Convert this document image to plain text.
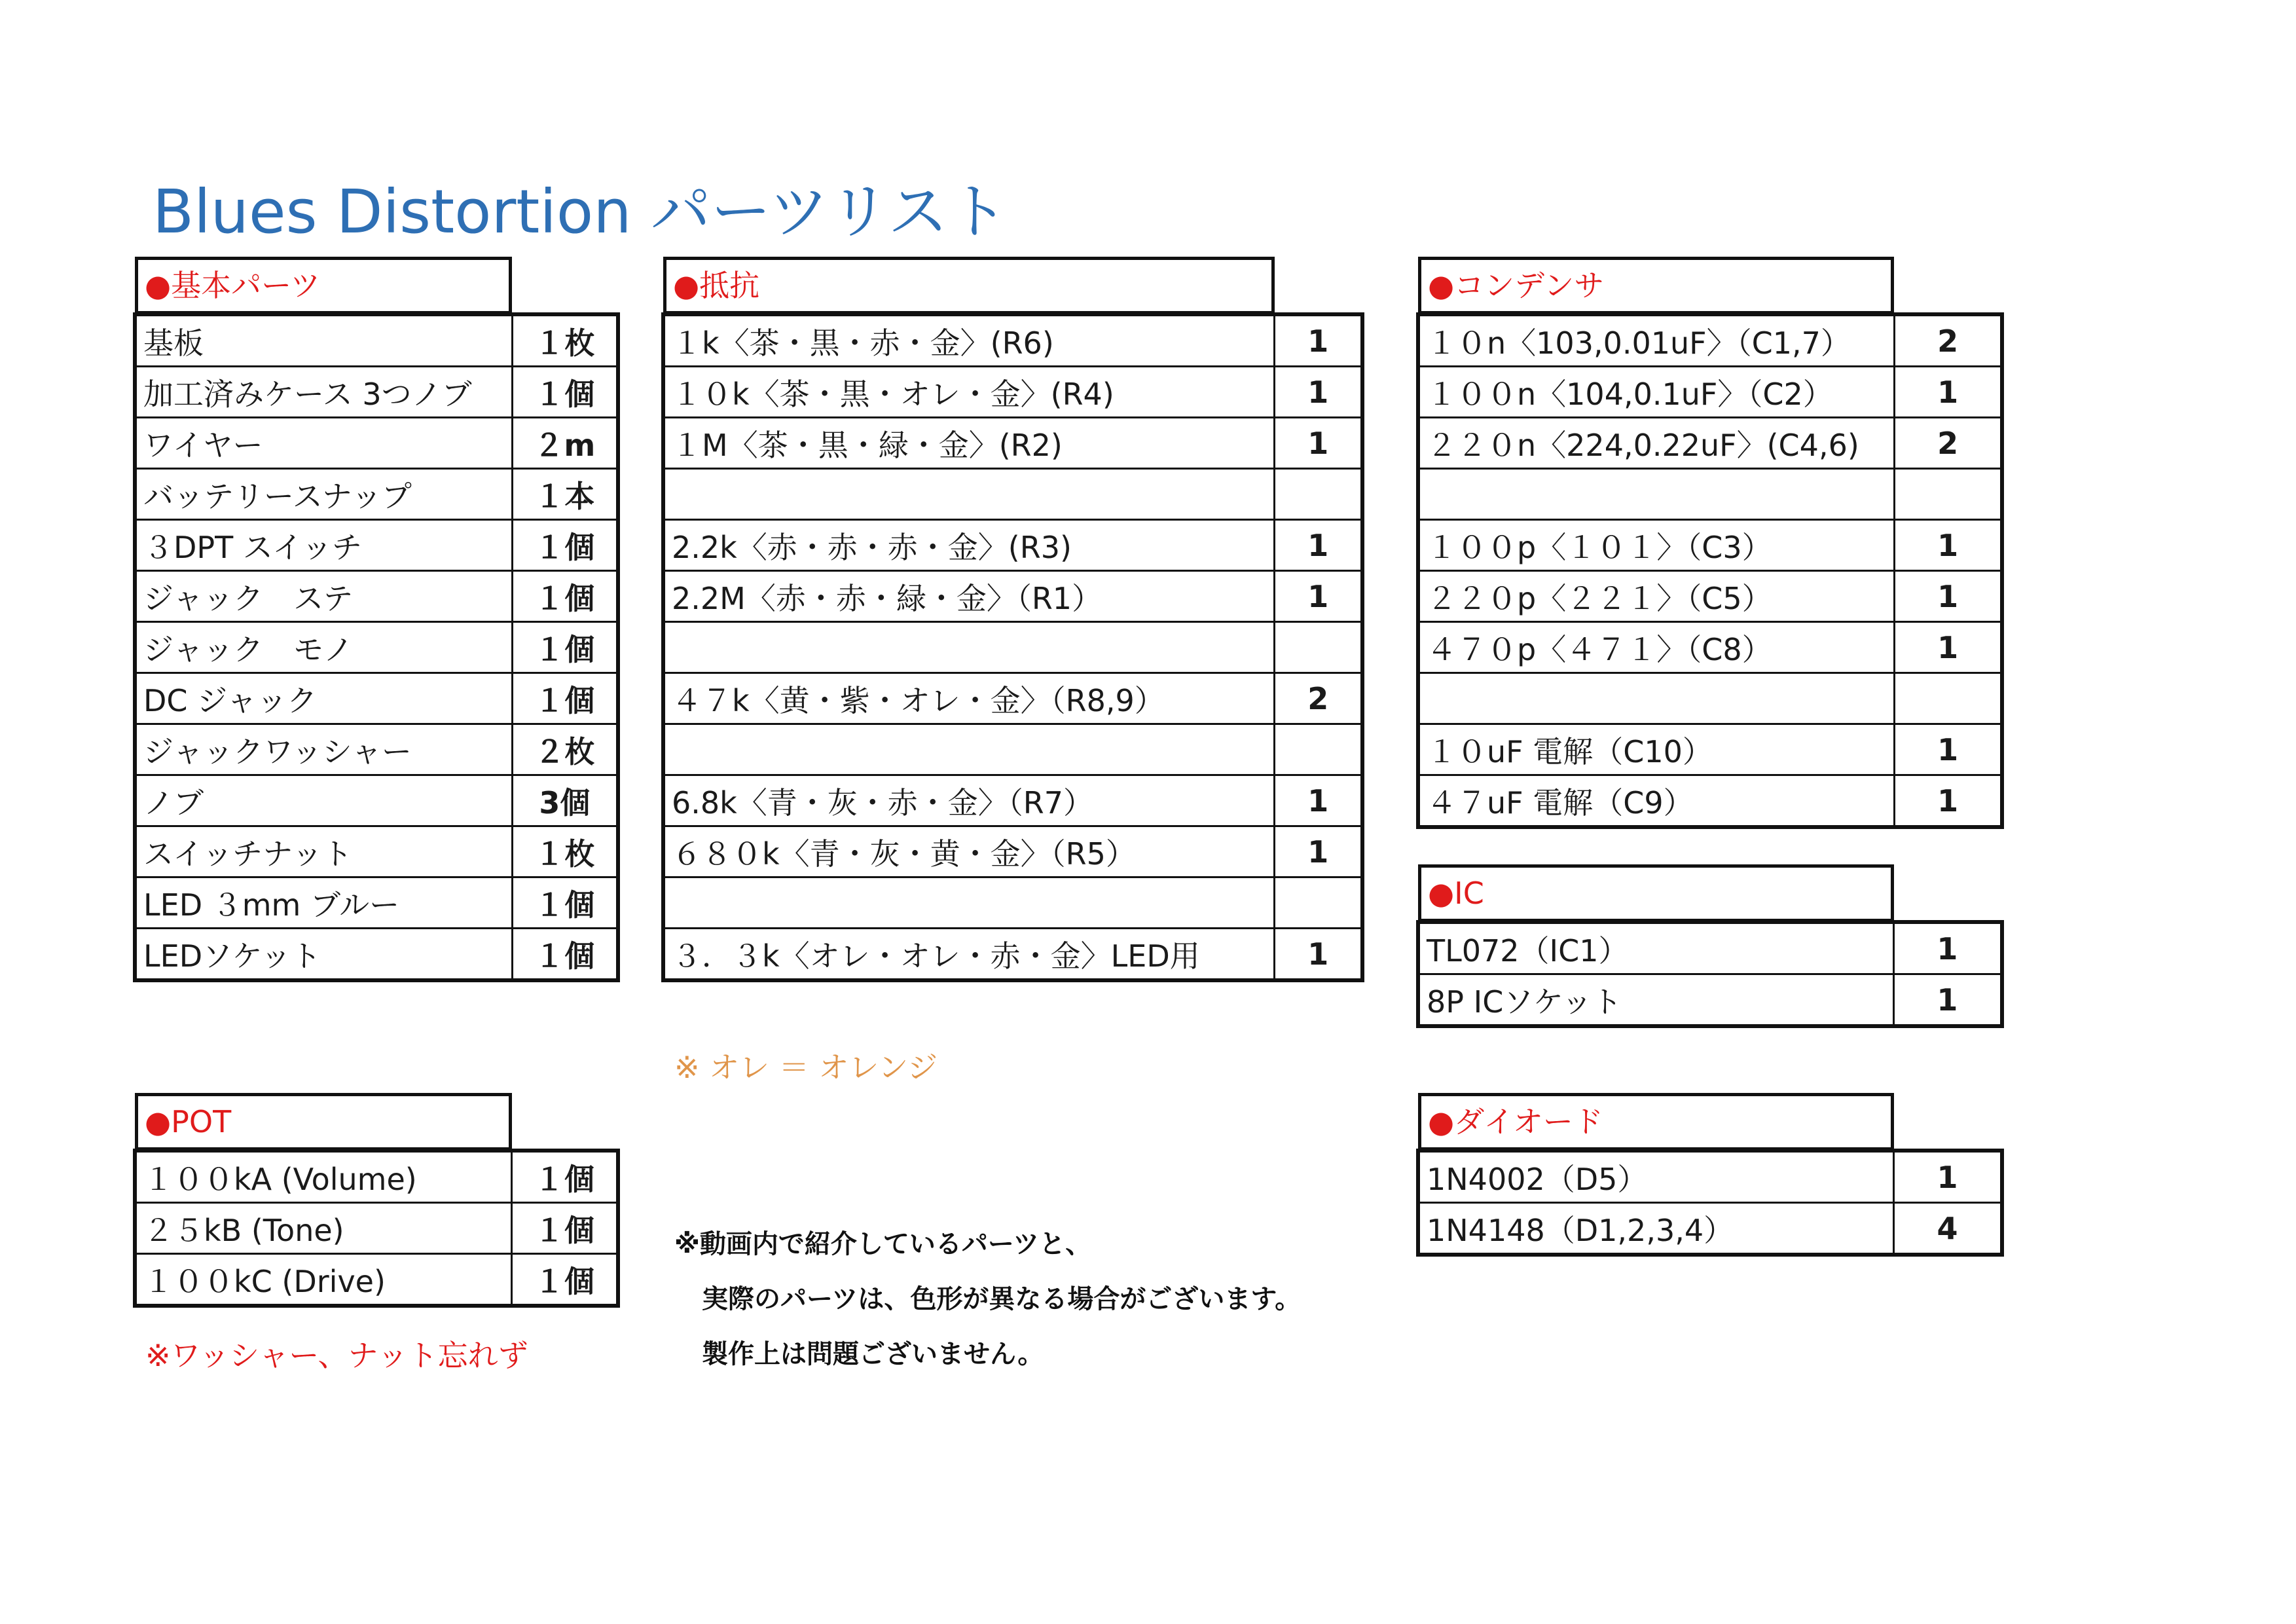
Blues Distortion パーツリスト
●基本パーツ
基板	１枚
加工済みケース 3つノブ	１個
ワイヤー	２m
バッテリースナップ	１本
３DPT スイッチ	１個
ジャック　ステ	１個
ジャック　モノ	１個
DC ジャック	１個
ジャックワッシャー	２枚
ノブ	3個
スイッチナット	１枚
LED ３mm ブルー	１個
LEDソケット	１個
●POT
１００kA (Volume)	１個
２５kB (Tone)	１個
１００kC (Drive)	１個
※ワッシャー、ナット忘れず
●抵抗
１k〈茶・黒・赤・金〉(R6)	1
１０k〈茶・黒・オレ・金〉(R4)	1
１M〈茶・黒・緑・金〉(R2)	1

2.2k〈赤・赤・赤・金〉(R3)	1
2.2M〈赤・赤・緑・金〉（R1）	1

４７k〈黄・紫・オレ・金〉（R8,9）	2

6.8k〈青・灰・赤・金〉（R7）	1
６８０k〈青・灰・黄・金〉（R5）	1

３．３k〈オレ・オレ・赤・金〉LED用	1
※ オレ ＝ オレンジ
●コンデンサ
１０n〈103,0.01uF〉（C1,7）	2
１００n〈104,0.1uF〉（C2）	1
２２０n〈224,0.22uF〉(C4,6)	2

１００p〈１０１〉（C3）	1
２２０p〈２２１〉（C5）	1
４７０p〈４７１〉（C8）	1

１０uF 電解（C10）	1
４７uF 電解（C9）	1
●IC
TL072（IC1）	1
8P ICソケット	1
●ダイオード
1N4002（D5）	1
1N4148（D1,2,3,4）	4
※動画内で紹介しているパーツと、
実際のパーツは、色形が異なる場合がございます。
製作上は問題ございません。
